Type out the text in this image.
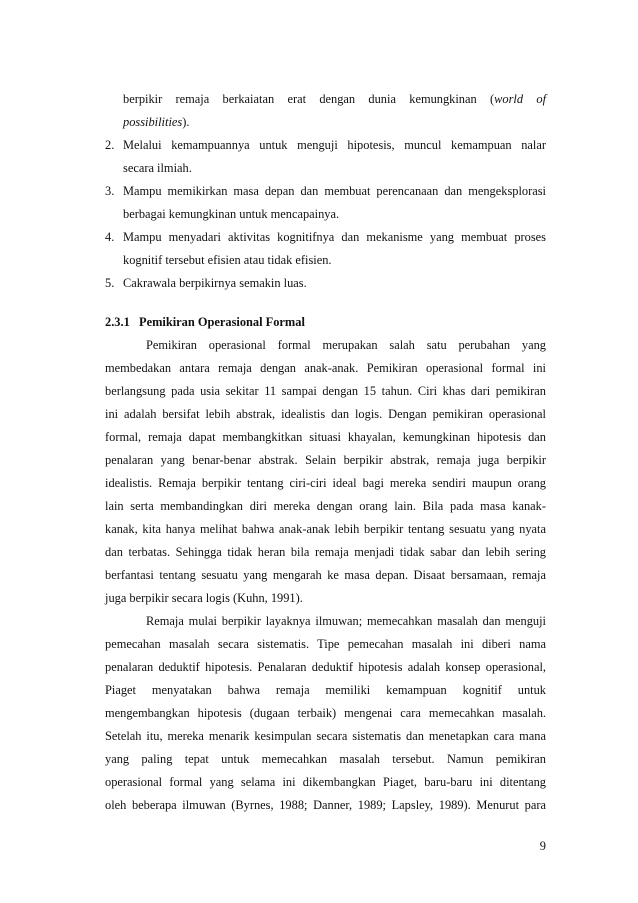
berpikir remaja berkaiatan erat dengan dunia kemungkinan (world of
possibilities).
2. Melalui kemampuannya untuk menguji hipotesis, muncul kemampuan nalar
secara ilmiah.
3. Mampu memikirkan masa depan dan membuat perencanaan dan mengeksplorasi
berbagai kemungkinan untuk mencapainya.
4. Mampu menyadari aktivitas kognitifnya dan mekanisme yang membuat proses
kognitif tersebut efisien atau tidak efisien.
5. Cakrawala berpikirnya semakin luas.
2.3.1 Pemikiran Operasional Formal
Pemikiran operasional formal merupakan salah satu perubahan yang
membedakan antara remaja dengan anak-anak. Pemikiran operasional formal ini
berlangsung pada usia sekitar 11 sampai dengan 15 tahun. Ciri khas dari pemikiran
ini adalah bersifat lebih abstrak, idealistis dan logis. Dengan pemikiran operasional
formal, remaja dapat membangkitkan situasi khayalan, kemungkinan hipotesis dan
penalaran yang benar-benar abstrak. Selain berpikir abstrak, remaja juga berpikir
idealistis. Remaja berpikir tentang ciri-ciri ideal bagi mereka sendiri maupun orang
lain serta membandingkan diri mereka dengan orang lain. Bila pada masa kanak-
kanak, kita hanya melihat bahwa anak-anak lebih berpikir tentang sesuatu yang nyata
dan terbatas. Sehingga tidak heran bila remaja menjadi tidak sabar dan lebih sering
berfantasi tentang sesuatu yang mengarah ke masa depan. Disaat bersamaan, remaja
juga berpikir secara logis (Kuhn, 1991).
Remaja mulai berpikir layaknya ilmuwan; memecahkan masalah dan menguji
pemecahan masalah secara sistematis. Tipe pemecahan masalah ini diberi nama
penalaran deduktif hipotesis. Penalaran deduktif hipotesis adalah konsep operasional,
Piaget menyatakan bahwa remaja memiliki kemampuan kognitif untuk
mengembangkan hipotesis (dugaan terbaik) mengenai cara memecahkan masalah.
Setelah itu, mereka menarik kesimpulan secara sistematis dan menetapkan cara mana
yang paling tepat untuk memecahkan masalah tersebut. Namun pemikiran
operasional formal yang selama ini dikembangkan Piaget, baru-baru ini ditentang
oleh beberapa ilmuwan (Byrnes, 1988; Danner, 1989; Lapsley, 1989). Menurut para
9
